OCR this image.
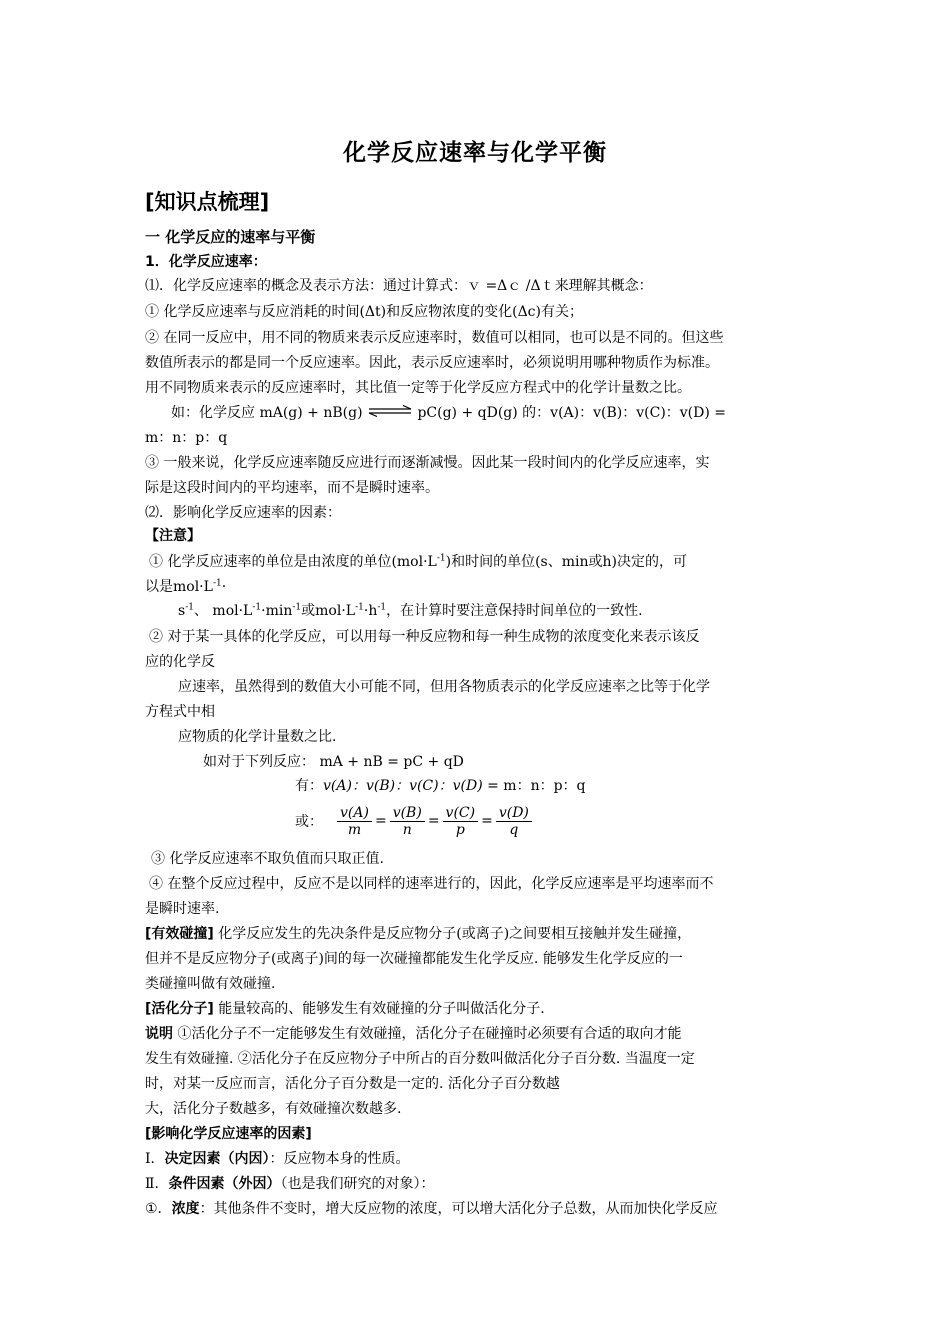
化学反应速率与化学平衡
[知识点梳理]
一 化学反应的速率与平衡
1．化学反应速率：
⑴．化学反应速率的概念及表示方法：通过计算式：ｖ =Δｃ /Δｔ来理解其概念：
① 化学反应速率与反应消耗的时间(Δt)和反应物浓度的变化(Δc)有关；
② 在同一反应中，用不同的物质来表示反应速率时，数值可以相同，也可以是不同的。但这些
数值所表示的都是同一个反应速率。因此，表示反应速率时，必须说明用哪种物质作为标准。
用不同物质来表示的反应速率时，其比值一定等于化学反应方程式中的化学计量数之比。
如：化学反应 mA(g) + nB(g) ⇌ pC(g) + qD(g) 的：v(A)：v(B)：v(C)：v(D) =
m：n：p：q
③ 一般来说，化学反应速率随反应进行而逐渐减慢。因此某一段时间内的化学反应速率，实
际是这段时间内的平均速率，而不是瞬时速率。
⑵．影响化学反应速率的因素：
【注意】
① 化学反应速率的单位是由浓度的单位$(mol\cdot L^{-1})$和时间的单位(s、min或h)决定的，可
以是$mol\cdot L^{-1}\cdot$
$s^{-1}$、 $mol\cdot L^{-1}\cdot\min^{-1}$或$mol\cdot L^{-1}\cdot h^{-1}$，在计算时要注意保持时间单位的一致性.
② 对于某一具体的化学反应，可以用每一种反应物和每一种生成物的浓度变化来表示该反
应的化学反
应速率，虽然得到的数值大小可能不同，但用各物质表示的化学反应速率之比等于化学
方程式中相
应物质的化学计量数之比.
如对于下列反应： mA + nB = pC + qD
有：v(A)：v(B)：v(C)：v(D) = m：n：p：q
或： $\frac{v(A)}{m} = \frac{v(B)}{n} = \frac{v(C)}{p} = \frac{v(D)}{q}$
③ 化学反应速率不取负值而只取正值.
④ 在整个反应过程中，反应不是以同样的速率进行的，因此，化学反应速率是平均速率而不
是瞬时速率.
[有效碰撞] 化学反应发生的先决条件是反应物分子(或离子)之间要相互接触并发生碰撞，
但并不是反应物分子(或离子)间的每一次碰撞都能发生化学反应. 能够发生化学反应的一
类碰撞叫做有效碰撞.
[活化分子] 能量较高的、能够发生有效碰撞的分子叫做活化分子.
说明 ①活化分子不一定能够发生有效碰撞，活化分子在碰撞时必须要有合适的取向才能
发生有效碰撞. ②活化分子在反应物分子中所占的百分数叫做活化分子百分数. 当温度一定
时，对某一反应而言，活化分子百分数是一定的. 活化分子百分数越
大，活化分子数越多，有效碰撞次数越多.
[影响化学反应速率的因素]
Ⅰ．决定因素（内因）：反应物本身的性质。
Ⅱ．条件因素（外因）（也是我们研究的对象）：
①．浓度：其他条件不变时，增大反应物的浓度，可以增大活化分子总数，从而加快化学反应
